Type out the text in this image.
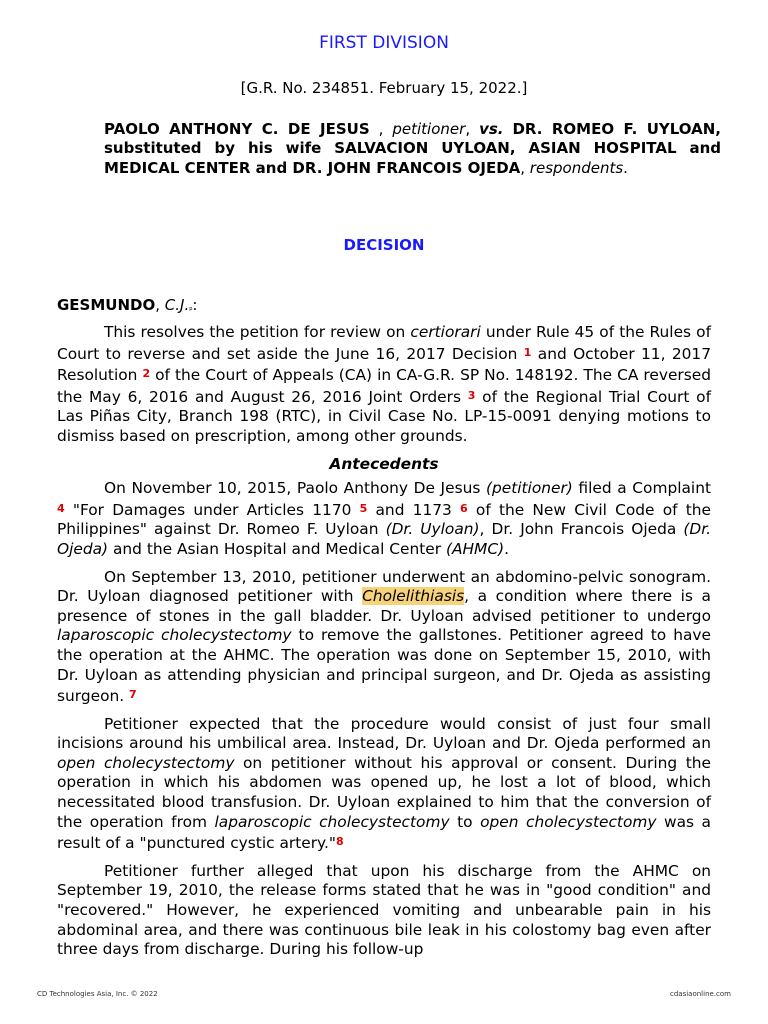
FIRST DIVISION
[G.R. No. 234851. February 15, 2022.]
PAOLO ANTHONY C. DE JESUS , petitioner, vs. DR. ROMEO F. UYLOAN, substituted by his wife SALVACION UYLOAN, ASIAN HOSPITAL and MEDICAL CENTER and DR. JOHN FRANCOIS OJEDA, respondents.
DECISION
GESMUNDO, C.J.p:

This resolves the petition for review on certiorari under Rule 45 of the Rules of Court to reverse and set aside the June 16, 2017 Decision 1 and October 11, 2017 Resolution 2 of the Court of Appeals (CA) in CA-G.R. SP No. 148192. The CA reversed the May 6, 2016 and August 26, 2016 Joint Orders 3 of the Regional Trial Court of Las Piñas City, Branch 198 (RTC), in Civil Case No. LP-15-0091 denying motions to dismiss based on prescription, among other grounds.

Antecedents

On November 10, 2015, Paolo Anthony De Jesus (petitioner) filed a Complaint 4 "For Damages under Articles 1170 5 and 1173 6 of the New Civil Code of the Philippines" against Dr. Romeo F. Uyloan (Dr. Uyloan), Dr. John Francois Ojeda (Dr. Ojeda) and the Asian Hospital and Medical Center (AHMC).

On September 13, 2010, petitioner underwent an abdomino-pelvic sonogram. Dr. Uyloan diagnosed petitioner with Cholelithiasis, a condition where there is a presence of stones in the gall bladder. Dr. Uyloan advised petitioner to undergo laparoscopic cholecystectomy to remove the gallstones. Petitioner agreed to have the operation at the AHMC. The operation was done on September 15, 2010, with Dr. Uyloan as attending physician and principal surgeon, and Dr. Ojeda as assisting surgeon. 7

Petitioner expected that the procedure would consist of just four small incisions around his umbilical area. Instead, Dr. Uyloan and Dr. Ojeda performed an open cholecystectomy on petitioner without his approval or consent. During the operation in which his abdomen was opened up, he lost a lot of blood, which necessitated blood transfusion. Dr. Uyloan explained to him that the conversion of the operation from laparoscopic cholecystectomy to open cholecystectomy was a result of a "punctured cystic artery."8

Petitioner further alleged that upon his discharge from the AHMC on September 19, 2010, the release forms stated that he was in "good condition" and "recovered." However, he experienced vomiting and unbearable pain in his abdominal area, and there was continuous bile leak in his colostomy bag even after three days from discharge. During his follow-up

CD Technologies Asia, Inc. © 2022	cdasiaonline.com
